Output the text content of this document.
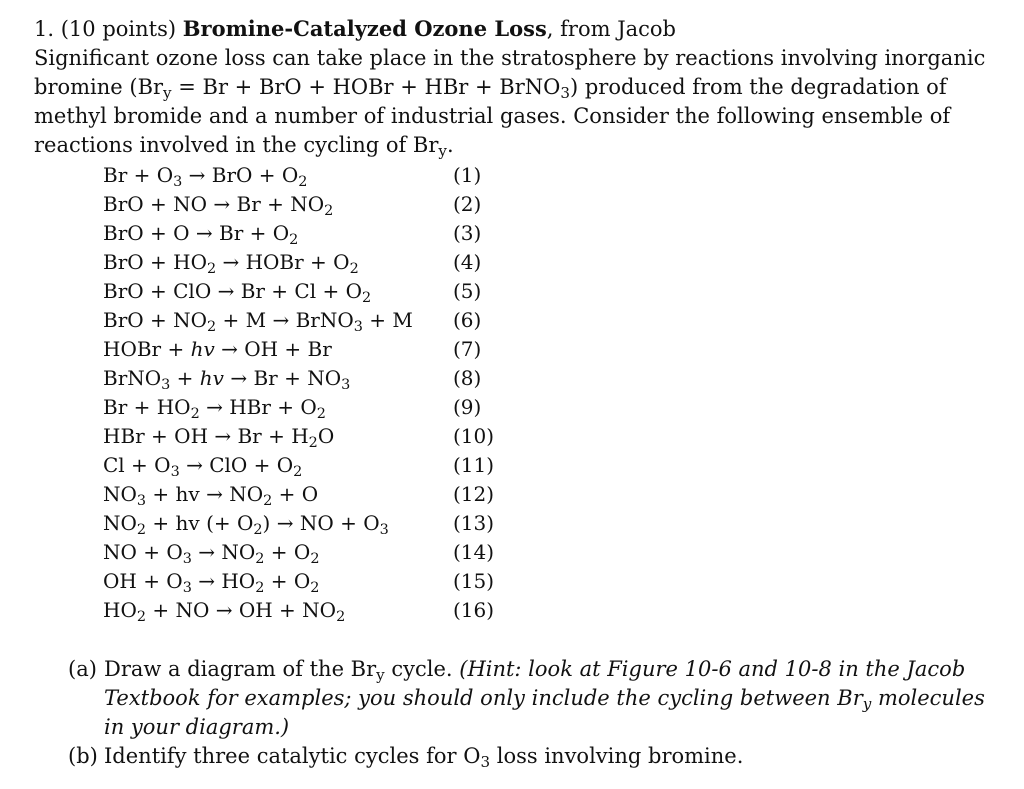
1. (10 points) Bromine-Catalyzed Ozone Loss, from Jacob

Significant ozone loss can take place in the stratosphere by reactions involving inorganic bromine ($Br_y = Br$ + BrO + HOBr + HBr + BrNO$_3$) produced from the degradation of methyl bromide and a number of industrial gases. Consider the following ensemble of reactions involved in the cycling of $Br_y$.

$Br + O_3$ → BrO + $O_2$	(1)
BrO + NO → $Br + NO_2$	(2)
BrO + $O \to Br + O_2$	(3)
BrO + $HO_2$ → HOBr + $O_2$	(4)
BrO + ClO → $Br + Cl + O_2$	(5)
BrO + $NO_2 + M$ → BrNO$_3$ + M	(6)
HOBr + hv → OH + Br	(7)
BrNO$_3$ + hv → $Br + NO_3$	(8)
$Br + HO_2$ → HBr + $O_2$	(9)
HBr + OH → $Br + H_2O$	(10)
$Cl + O_3$ → ClO + $O_2$	(11)
$NO_3$ + hv → $NO_2 + O$	(12)
$NO_2$ + hv (+ $O_2$) → NO + $O_3$	(13)
NO + $O_3 \to NO_2 + O_2$	(14)
OH + $O_3 \to HO_2 + O_2$	(15)
$HO_2$ + NO → OH + $NO_2$	(16)
(a) Draw a diagram of the $Br_y$ cycle. (Hint: look at Figure 10-6 and 10-8 in the Jacob Textbook for examples; you should only include the cycling between $Br_y$ molecules in your diagram.)
(b) Identify three catalytic cycles for $O_3$ loss involving bromine.
